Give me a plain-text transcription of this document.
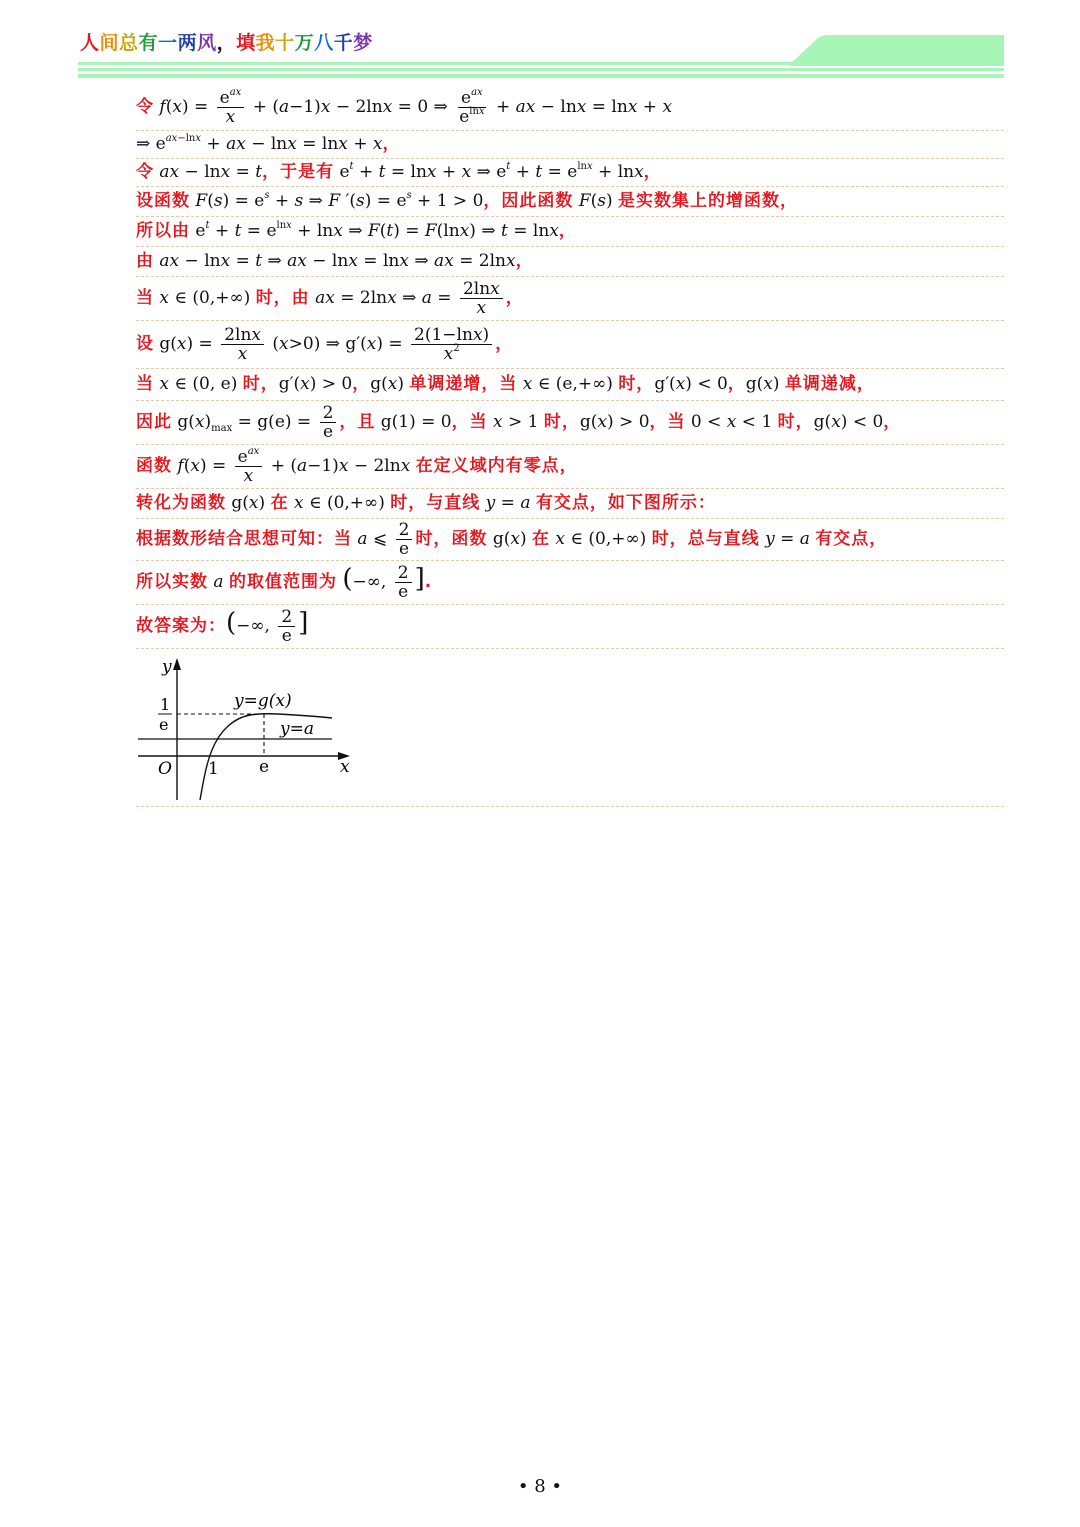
人间总有一两风，填我十万八千梦
令 $f(x) = \frac{e^{ax}}{x} + (a-1)x - 2\ln x = 0$ ⇒ $\frac{e^{ax}}{e^{lnx}}$ + ax − lnx = lnx + x
⇒ $e^{ax-lnx}$ + ax − lnx = lnx + x，
令 ax − lnx = t ，于是有 $e^t + t = \ln x + x$ ⇒ $e^t + t = e^{lnx} + \ln x$，
设函数 $F(s) = e^s + s$ ⇒ F $'(s) = e^s + 1 > 0$ ，因此函数 F(s) 是实数集上的增函数，
所以由 $e^t + t = e^{lnx} + \ln x$ ⇒ F(t) = F(lnx) ⇒ t = lnx，
由 ax − lnx = t ⇒ ax − lnx = lnx ⇒ ax = 2lnx，
当 x ∈ (0,+∞) 时，由 ax = 2lnx ⇒ $a = \frac{2\ln x}{x}$ ，
设 $g(x) = \frac{2\ln x}{x} (x>0)$ ⇒ $g'(x) = \frac{2(1-\ln x)}{x^2}$ ，
当 x ∈ (0, e) 时， g′(x) > 0，g(x) 单调递增，当 x ∈ (e,+∞) 时， g′(x) < 0，g(x) 单调递减，
因此 $g(x)_{max} = g(e) = \frac{2}{e}$ ，且 g(1) = 0 ，当 x > 1 时， g(x) > 0 ，当 0 < x < 1 时， g(x) < 0，
函数 $f(x) = \frac{e^{ax}}{x} + (a-1)x - 2\ln x$ 在定义域内有零点，
转化为函数 g(x) 在 x ∈ (0,+∞) 时，与直线 y = a 有交点，如下图所示：
根据数形结合思想可知：当 a ⩽ $\frac{2}{e}$ 时，函数 g(x) 在 x ∈ (0,+∞) 时，总与直线 y = a 有交点，
所以实数 a 的取值范围为 (−∞, $\frac{2}{e}$ ].
故答案为： (−∞, $\frac{2}{e}$ ]
y
x
O 1 e
1
e
y=g(x)
y=a
• 8 •
